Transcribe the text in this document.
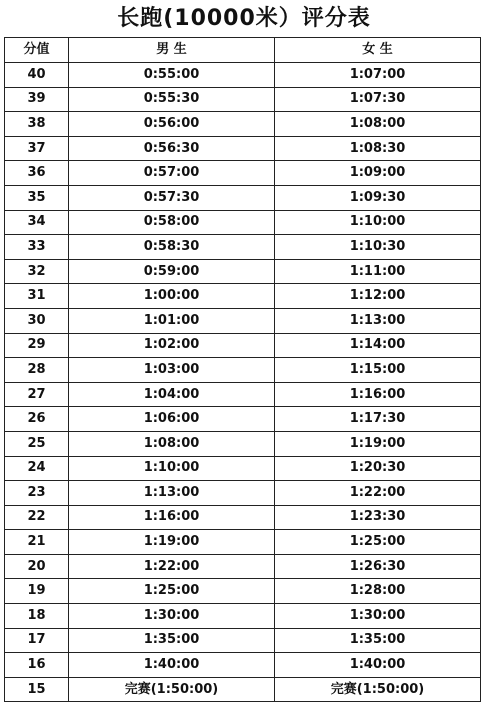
长跑(10000米）评分表
分值	男 生	女 生
40	0:55:00	1:07:00
39	0:55:30	1:07:30
38	0:56:00	1:08:00
37	0:56:30	1:08:30
36	0:57:00	1:09:00
35	0:57:30	1:09:30
34	0:58:00	1:10:00
33	0:58:30	1:10:30
32	0:59:00	1:11:00
31	1:00:00	1:12:00
30	1:01:00	1:13:00
29	1:02:00	1:14:00
28	1:03:00	1:15:00
27	1:04:00	1:16:00
26	1:06:00	1:17:30
25	1:08:00	1:19:00
24	1:10:00	1:20:30
23	1:13:00	1:22:00
22	1:16:00	1:23:30
21	1:19:00	1:25:00
20	1:22:00	1:26:30
19	1:25:00	1:28:00
18	1:30:00	1:30:00
17	1:35:00	1:35:00
16	1:40:00	1:40:00
15	完赛(1:50:00)	完赛(1:50:00)
